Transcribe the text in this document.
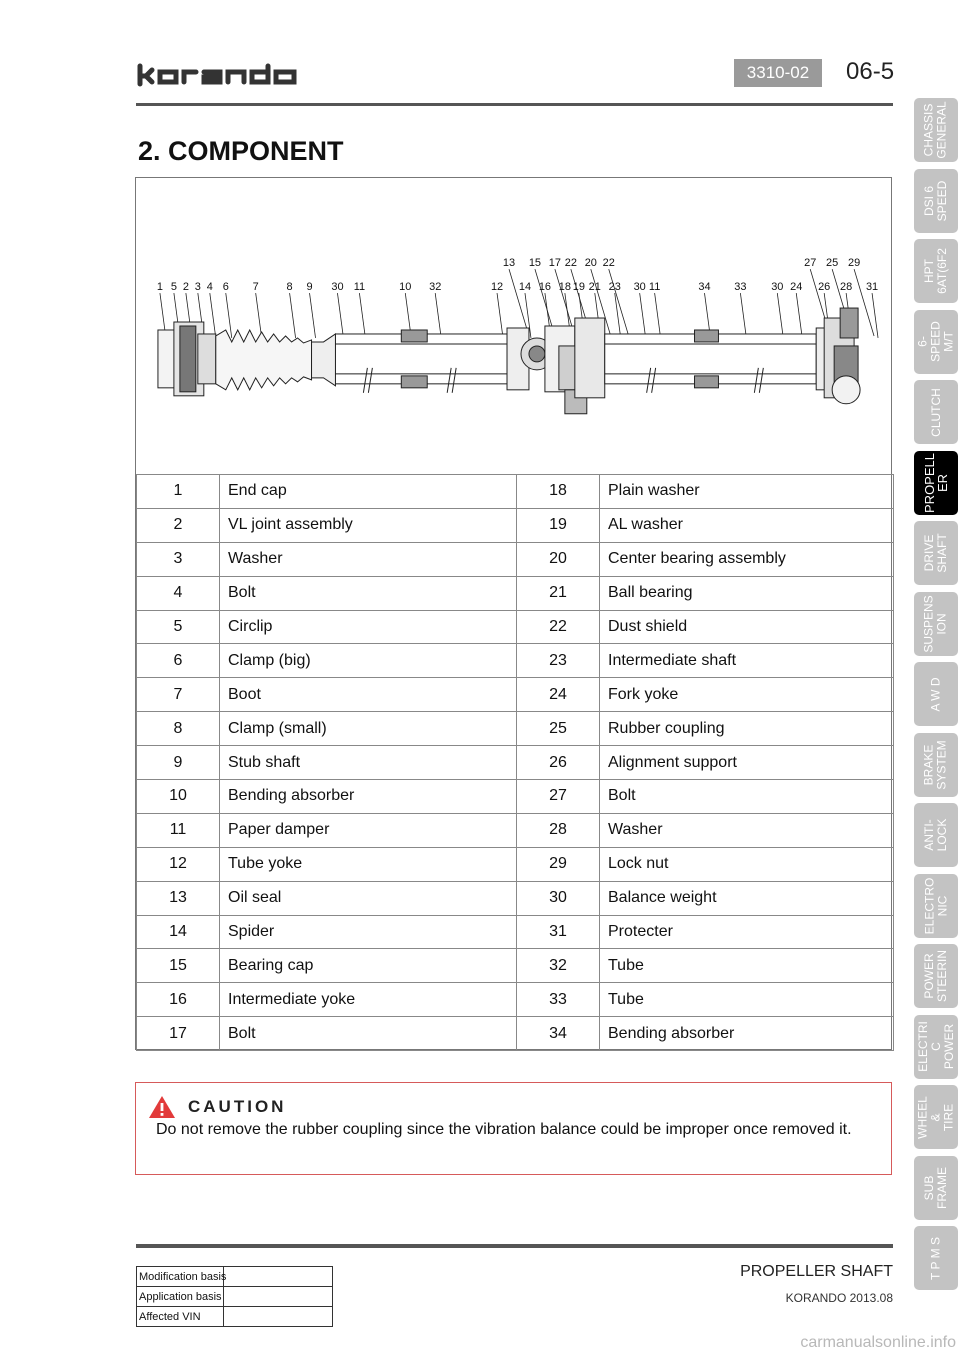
3310-02	06-5
2. COMPONENT
13 15 17 22 20 22	27 25 29
1 5 2 3 4 6 7	8 9 30 11	10 32	12 14 16 18 19 21 23 30 11	34 33 30 24 26 28 31
1	End cap	18	Plain washer
2	VL joint assembly	19	AL washer
3	Washer	20	Center bearing assembly
4	Bolt	21	Ball bearing
5	Circlip	22	Dust shield
6	Clamp (big)	23	Intermediate shaft
7	Boot	24	Fork yoke
8	Clamp (small)	25	Rubber coupling
9	Stub shaft	26	Alignment support
10	Bending absorber	27	Bolt
11	Paper damper	28	Washer
12	Tube yoke	29	Lock nut
13	Oil seal	30	Balance weight
14	Spider	31	Protecter
15	Bearing cap	32	Tube
16	Intermediate yoke	33	Tube
17	Bolt	34	Bending absorber
CAUTION
Do not remove the rubber coupling since the vibration balance could be improper once removed it.
Modification basis	
Application basis	
Affected VIN	
PROPELLER SHAFT
KORANDO 2013.08
carmanualsonline.info
CHASSIS
GENERAL
DSI 6
SPEED
HPT
6AT(6F2
6-SPEED
M/T
CLUTCH
PROPELL
ER
DRIVE
SHAFT
SUSPENS
ION
A W D
BRAKE
SYSTEM
ANTI-
LOCK
ELECTRO
NIC
POWER
STEERIN
ELECTRI
C POWER
WHEEL &
TIRE
SUB
FRAME
T P M S
